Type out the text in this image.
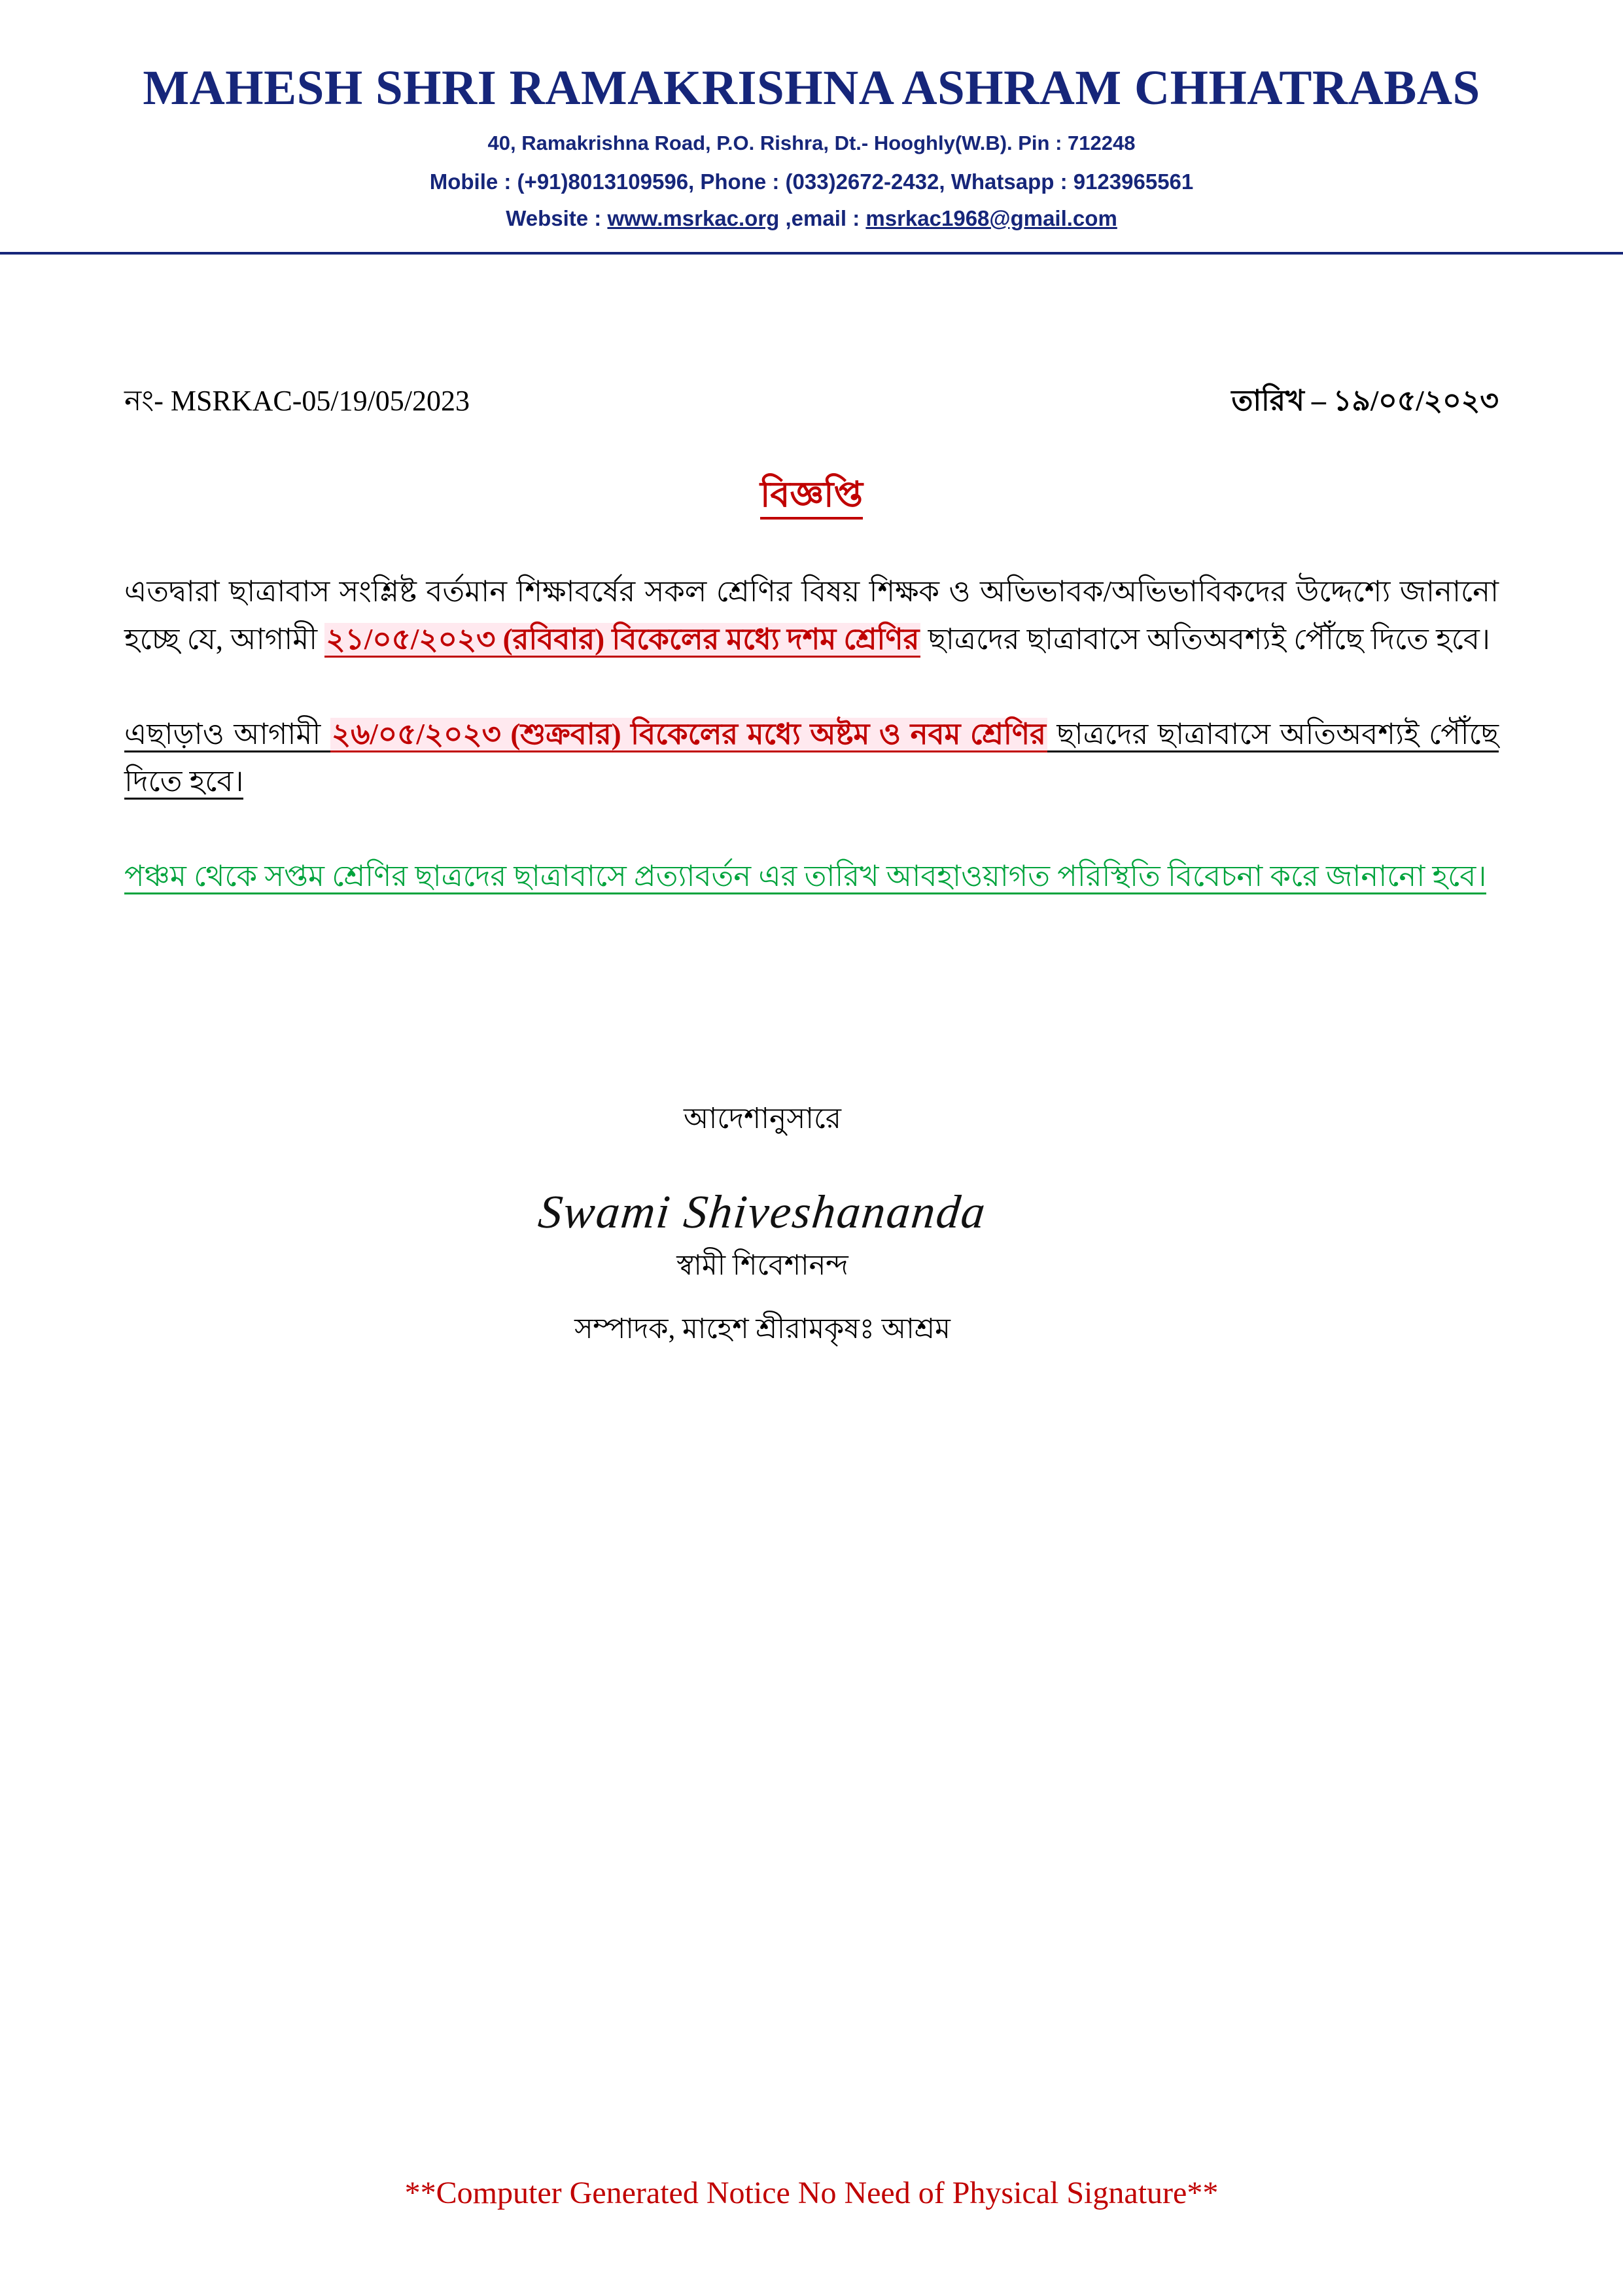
MAHESH SHRI RAMAKRISHNA ASHRAM CHHATRABAS
40, Ramakrishna Road, P.O. Rishra, Dt.- Hooghly(W.B). Pin : 712248
Mobile : (+91)8013109596, Phone : (033)2672-2432, Whatsapp : 9123965561
Website : www.msrkac.org ,email : msrkac1968@gmail.com
নং- MSRKAC-05/19/05/2023	তারিখ – ১৯/০৫/২০২৩
বিজ্ঞপ্তি
এতদ্বারা ছাত্রাবাস সংশ্লিষ্ট বর্তমান শিক্ষাবর্ষের সকল শ্রেণির বিষয় শিক্ষক ও অভিভাবক/অভিভাবিকদের উদ্দেশ্যে জানানো হচ্ছে যে, আগামী ২১/০৫/২০২৩ (রবিবার) বিকেলের মধ্যে দশম শ্রেণির ছাত্রদের ছাত্রাবাসে অতিঅবশ্যই পৌঁছে দিতে হবে।
এছাড়াও আগামী ২৬/০৫/২০২৩ (শুক্রবার) বিকেলের মধ্যে অষ্টম ও নবম শ্রেণির ছাত্রদের ছাত্রাবাসে অতিঅবশ্যই পৌঁছে দিতে হবে।
পঞ্চম থেকে সপ্তম শ্রেণির ছাত্রদের ছাত্রাবাসে প্রত্যাবর্তন এর তারিখ আবহাওয়াগত পরিস্থিতি বিবেচনা করে জানানো হবে।
আদেশানুসারে
Swami Shiveshananda
স্বামী শিবেশানন্দ
সম্পাদক, মাহেশ শ্রীরামকৃষঃ আশ্রম
**Computer Generated Notice No Need of Physical Signature**
